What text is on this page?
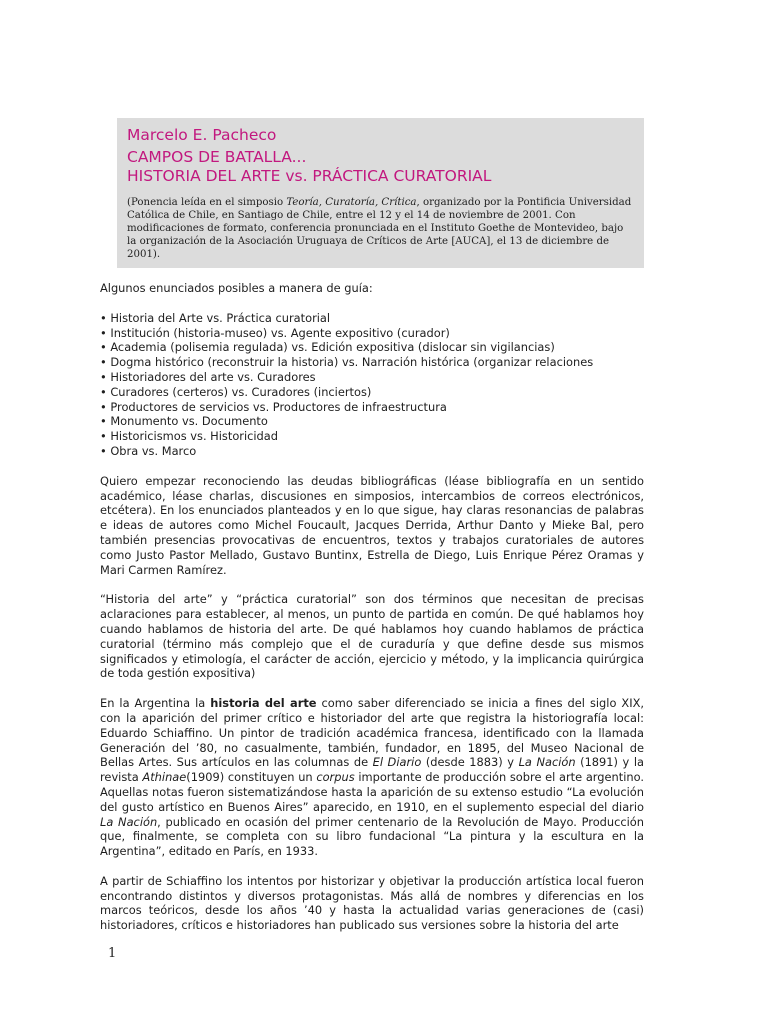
Marcelo E. Pacheco

CAMPOS DE BATALLA...

HISTORIA DEL ARTE vs. PRÁCTICA CURATORIAL

(Ponencia leída en el simposio Teoría, Curatoría, Crítica, organizado por la Pontificia Universidad Católica de Chile, en Santiago de Chile, entre el 12 y el 14 de noviembre de 2001. Con modificaciones de formato, conferencia pronunciada en el Instituto Goethe de Montevideo, bajo la organización de la Asociación Uruguaya de Críticos de Arte [AUCA], el 13 de diciembre de 2001).

Algunos enunciados posibles a manera de guía:

• Historia del Arte vs. Práctica curatorial
• Institución (historia-museo) vs. Agente expositivo (curador)
• Academia (polisemia regulada) vs. Edición expositiva (dislocar sin vigilancias)
• Dogma histórico (reconstruir la historia) vs. Narración histórica (organizar relaciones
• Historiadores del arte vs. Curadores
• Curadores (certeros) vs. Curadores (inciertos)
• Productores de servicios vs. Productores de infraestructura
• Monumento vs. Documento
• Historicismos vs. Historicidad
• Obra vs. Marco

Quiero empezar reconociendo las deudas bibliográficas (léase bibliografía en un sentido académico, léase charlas, discusiones en simposios, intercambios de correos electrónicos, etcétera). En los enunciados planteados y en lo que sigue, hay claras resonancias de palabras e ideas de autores como Michel Foucault, Jacques Derrida, Arthur Danto y Mieke Bal, pero también presencias provocativas de encuentros, textos y trabajos curatoriales de autores como Justo Pastor Mellado, Gustavo Buntinx, Estrella de Diego, Luis Enrique Pérez Oramas y Mari Carmen Ramírez.

“Historia del arte” y “práctica curatorial” son dos términos que necesitan de precisas aclaraciones para establecer, al menos, un punto de partida en común. De qué hablamos hoy cuando hablamos de historia del arte. De qué hablamos hoy cuando hablamos de práctica curatorial (término más complejo que el de curaduría y que define desde sus mismos significados y etimología, el carácter de acción, ejercicio y método, y la implicancia quirúrgica de toda gestión expositiva)

En la Argentina la historia del arte como saber diferenciado se inicia a fines del siglo XIX, con la aparición del primer crítico e historiador del arte que registra la historiografía local: Eduardo Schiaffino. Un pintor de tradición académica francesa, identificado con la llamada Generación del ’80, no casualmente, también, fundador, en 1895, del Museo Nacional de Bellas Artes. Sus artículos en las columnas de El Diario (desde 1883) y La Nación (1891) y la revista Athinae(1909) constituyen un corpus importante de producción sobre el arte argentino. Aquellas notas fueron sistematizándose hasta la aparición de su extenso estudio “La evolución del gusto artístico en Buenos Aires” aparecido, en 1910, en el suplemento especial del diario La Nación, publicado en ocasión del primer centenario de la Revolución de Mayo. Producción que, finalmente, se completa con su libro fundacional “La pintura y la escultura en la Argentina”, editado en París, en 1933.

A partir de Schiaffino los intentos por historizar y objetivar la producción artística local fueron encontrando distintos y diversos protagonistas. Más allá de nombres y diferencias en los marcos teóricos, desde los años ’40 y hasta la actualidad varias generaciones de (casi) historiadores, críticos e historiadores han publicado sus versiones sobre la historia del arte

1
